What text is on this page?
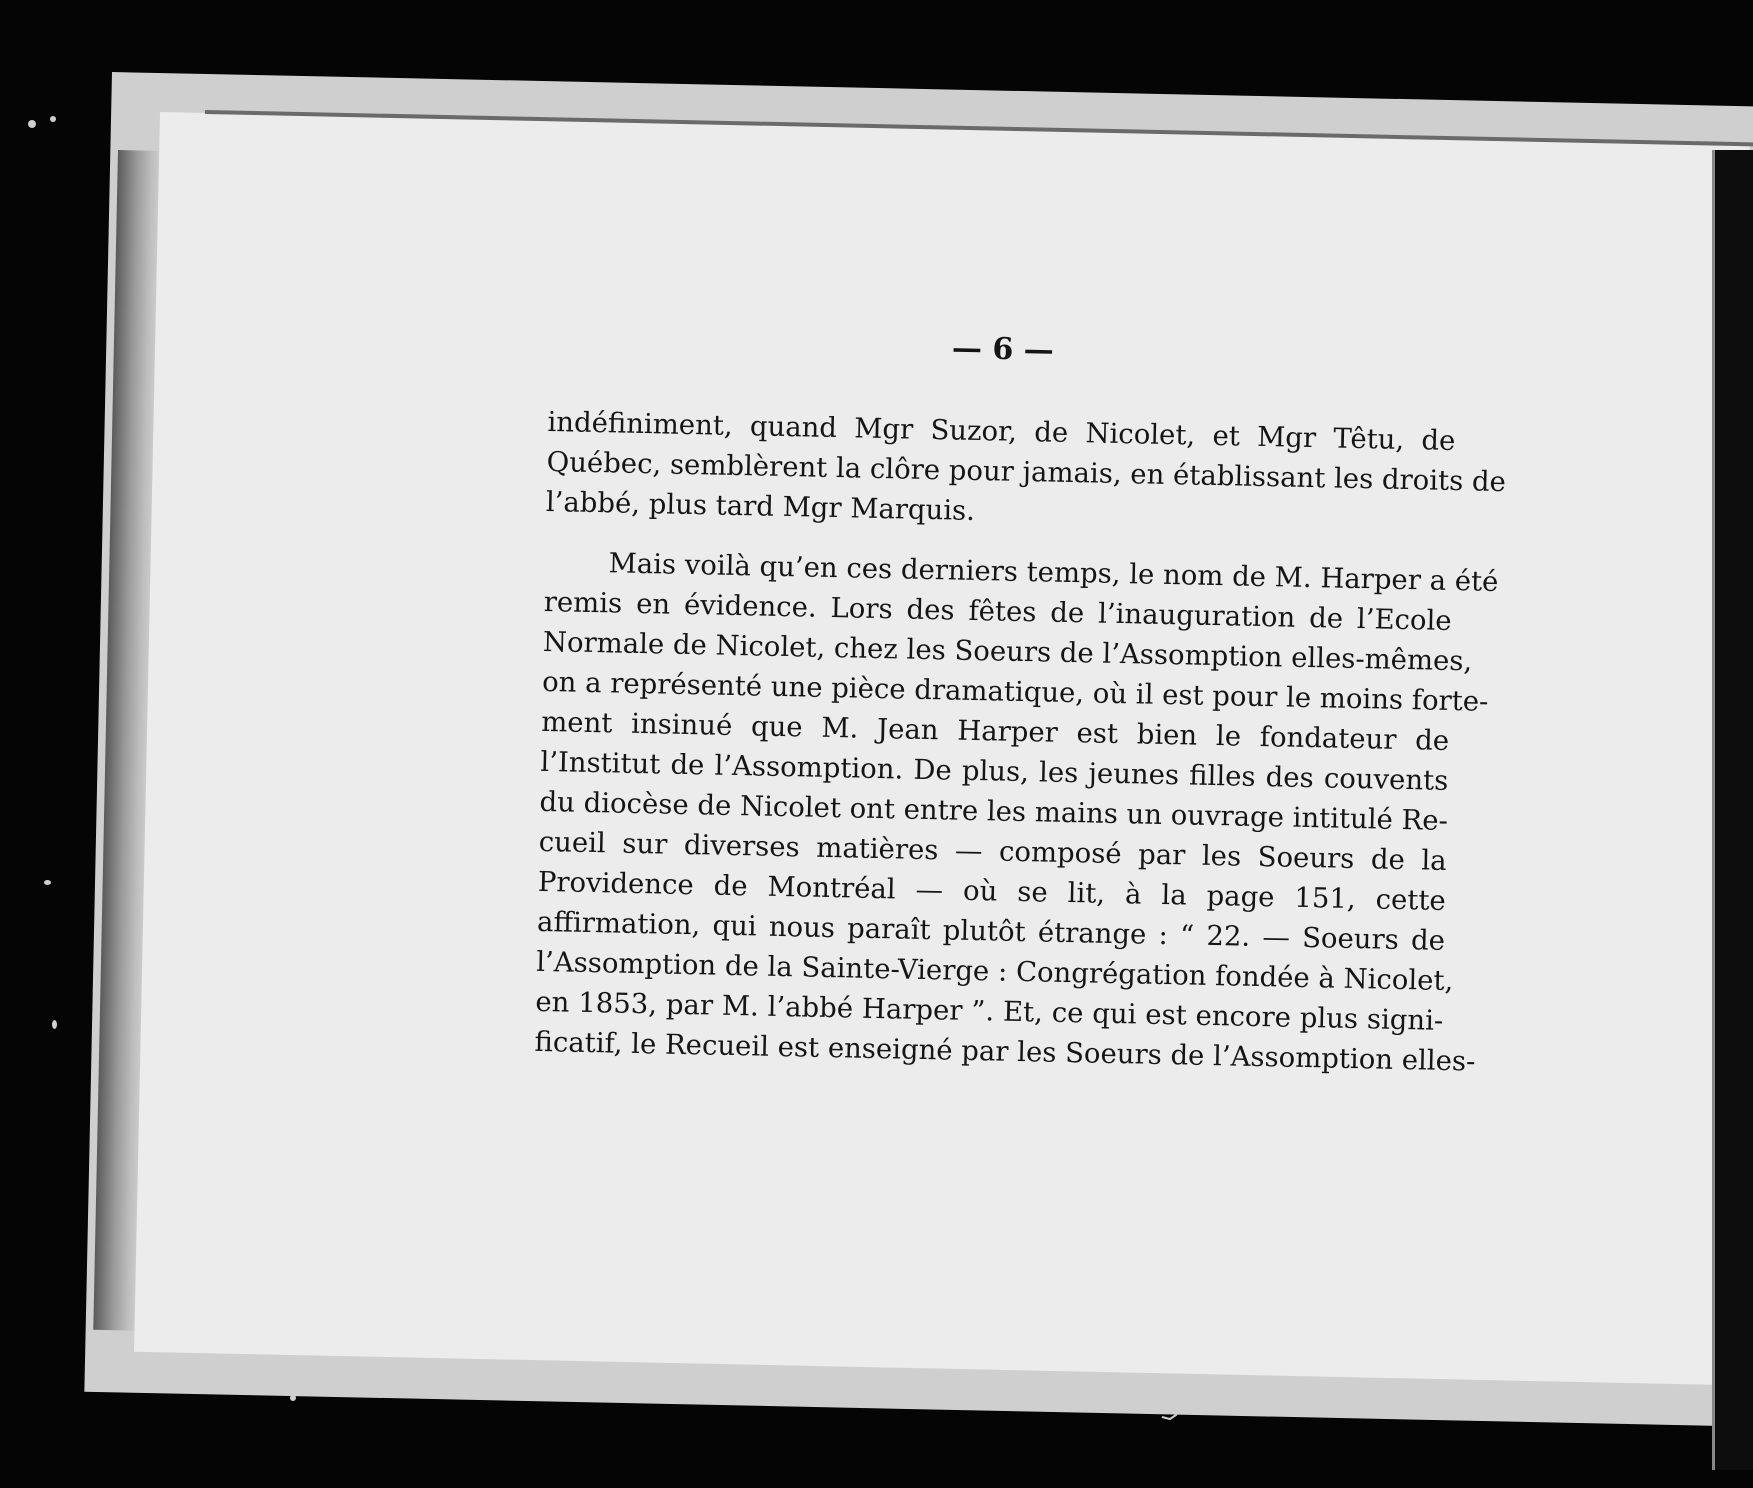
— 6 —
indéfiniment, quand Mgr Suzor, de Nicolet, et Mgr Têtu, de
Québec, semblèrent la clôre pour jamais, en établissant les droits de
l’abbé, plus tard Mgr Marquis.
Mais voilà qu’en ces derniers temps, le nom de M. Harper a été
remis en évidence. Lors des fêtes de l’inauguration de l’Ecole
Normale de Nicolet, chez les Soeurs de l’Assomption elles-mêmes,
on a représenté une pièce dramatique, où il est pour le moins forte-
ment insinué que M. Jean Harper est bien le fondateur de
l’Institut de l’Assomption. De plus, les jeunes filles des couvents
du diocèse de Nicolet ont entre les mains un ouvrage intitulé Re-
cueil sur diverses matières — composé par les Soeurs de la
Providence de Montréal — où se lit, à la page 151, cette
affirmation, qui nous paraît plutôt étrange : “ 22. — Soeurs de
l’Assomption de la Sainte-Vierge : Congrégation fondée à Nicolet,
en 1853, par M. l’abbé Harper ”. Et, ce qui est encore plus signi-
ficatif, le Recueil est enseigné par les Soeurs de l’Assomption elles-
